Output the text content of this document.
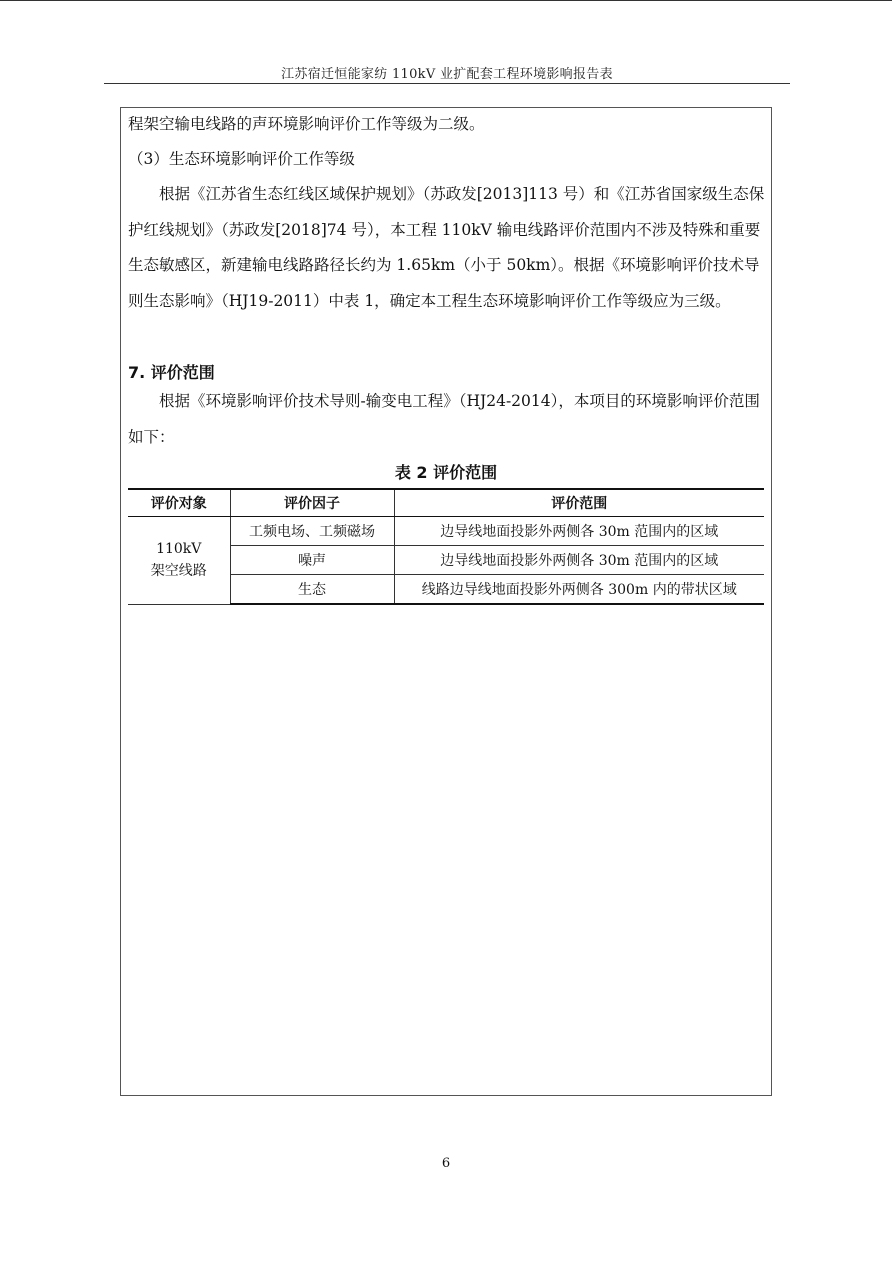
江苏宿迁恒能家纺 110kV 业扩配套工程环境影响报告表

程架空输电线路的声环境影响评价工作等级为二级。

（3）生态环境影响评价工作等级

根据《江苏省生态红线区域保护规划》（苏政发[2013]113 号）和《江苏省国家级生态保护红线规划》（苏政发[2018]74 号），本工程 110kV 输电线路评价范围内不涉及特殊和重要生态敏感区，新建输电线路路径长约为 1.65km（小于 50km）。根据《环境影响评价技术导则生态影响》（HJ19-2011）中表 1，确定本工程生态环境影响评价工作等级应为三级。

7. 评价范围

根据《环境影响评价技术导则-输变电工程》（HJ24-2014），本项目的环境影响评价范围如下：

表 2 评价范围
评价对象	评价因子	评价范围

110kV
架空线路	工频电场、工频磁场	边导线地面投影外两侧各 30m 范围内的区域
	噪声	边导线地面投影外两侧各 30m 范围内的区域
	生态	线路边导线地面投影外两侧各 300m 内的带状区域
6
